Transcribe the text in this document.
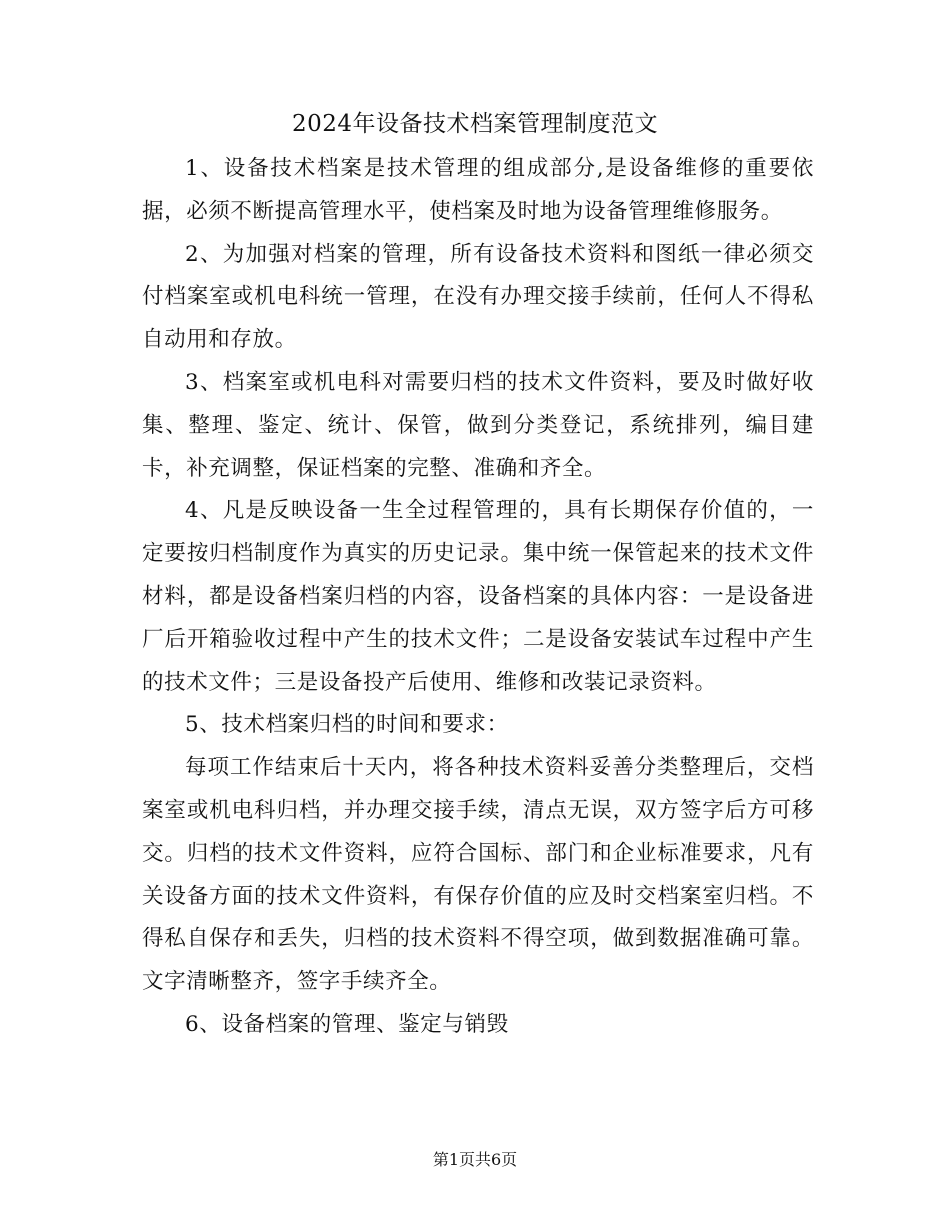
2024年设备技术档案管理制度范文

1、设备技术档案是技术管理的组成部分,是设备维修的重要依据，必须不断提高管理水平，使档案及时地为设备管理维修服务。

2、为加强对档案的管理，所有设备技术资料和图纸一律必须交付档案室或机电科统一管理，在没有办理交接手续前，任何人不得私自动用和存放。

3、档案室或机电科对需要归档的技术文件资料，要及时做好收集、整理、鉴定、统计、保管，做到分类登记，系统排列，编目建卡，补充调整，保证档案的完整、准确和齐全。

4、凡是反映设备一生全过程管理的，具有长期保存价值的，一定要按归档制度作为真实的历史记录。集中统一保管起来的技术文件材料，都是设备档案归档的内容，设备档案的具体内容：一是设备进厂后开箱验收过程中产生的技术文件；二是设备安装试车过程中产生的技术文件；三是设备投产后使用、维修和改装记录资料。

5、技术档案归档的时间和要求：

每项工作结束后十天内，将各种技术资料妥善分类整理后，交档案室或机电科归档，并办理交接手续，清点无误，双方签字后方可移交。归档的技术文件资料，应符合国标、部门和企业标准要求，凡有关设备方面的技术文件资料，有保存价值的应及时交档案室归档。不得私自保存和丢失，归档的技术资料不得空项，做到数据准确可靠。文字清晰整齐，签字手续齐全。

6、设备档案的管理、鉴定与销毁

第1页共6页
